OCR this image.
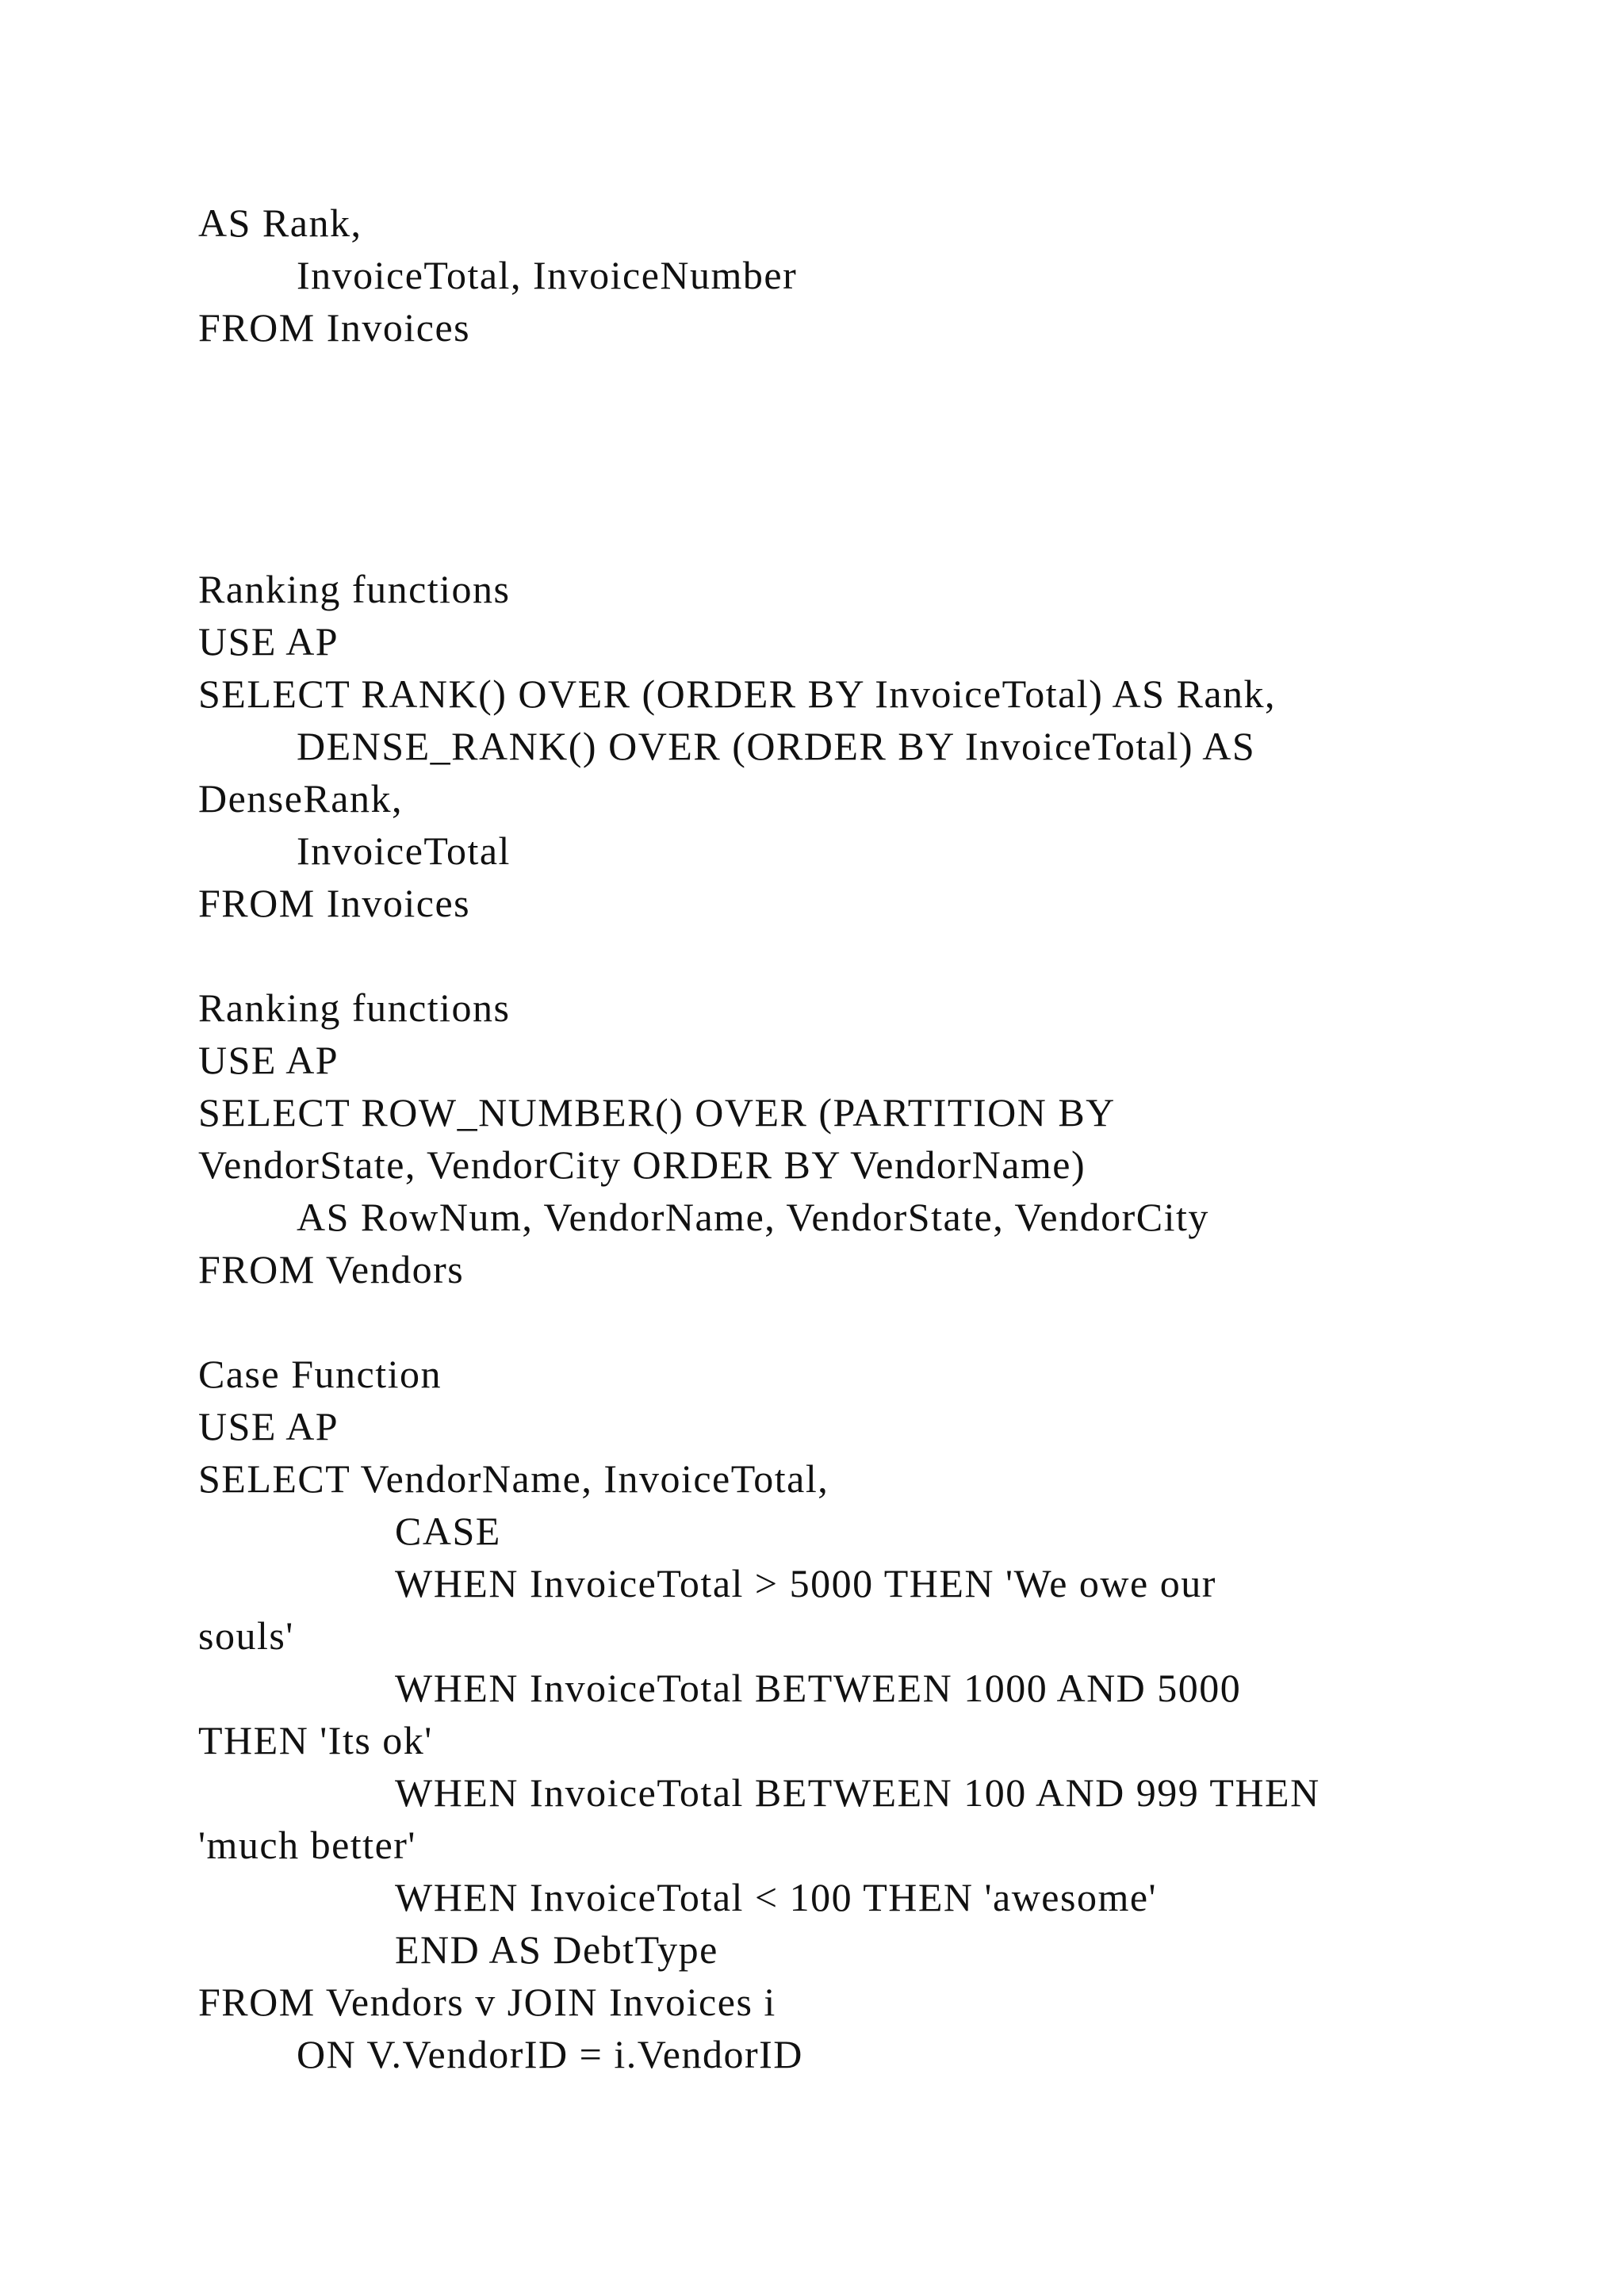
AS Rank,
InvoiceTotal, InvoiceNumber
FROM Invoices
Ranking functions
USE AP
SELECT RANK() OVER (ORDER BY InvoiceTotal) AS Rank,
DENSE_RANK() OVER (ORDER BY InvoiceTotal) AS
DenseRank,
InvoiceTotal
FROM Invoices
Ranking functions
USE AP
SELECT ROW_NUMBER() OVER (PARTITION BY
VendorState, VendorCity ORDER BY VendorName)
AS RowNum, VendorName, VendorState, VendorCity
FROM Vendors
Case Function
USE AP
SELECT VendorName, InvoiceTotal,
CASE
WHEN InvoiceTotal > 5000 THEN 'We owe our
souls'
WHEN InvoiceTotal BETWEEN 1000 AND 5000
THEN 'Its ok'
WHEN InvoiceTotal BETWEEN 100 AND 999 THEN
'much better'
WHEN InvoiceTotal < 100 THEN 'awesome'
END AS DebtType
FROM Vendors v JOIN Invoices i
ON V.VendorID = i.VendorID
